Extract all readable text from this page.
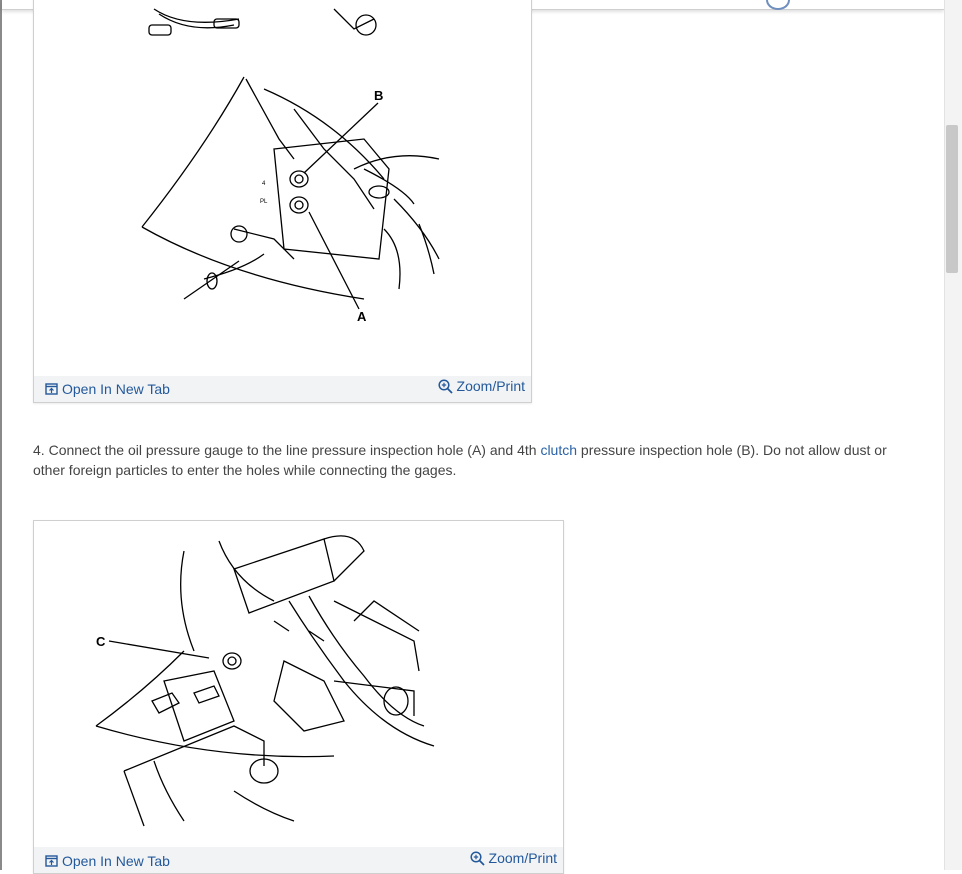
B
A
4
PL
Open In New Tab	Zoom/Print
4. Connect the oil pressure gauge to the line pressure inspection hole (A) and 4th clutch pressure inspection hole (B). Do not allow dust or other foreign particles to enter the holes while connecting the gages.
C
Open In New Tab	Zoom/Print
